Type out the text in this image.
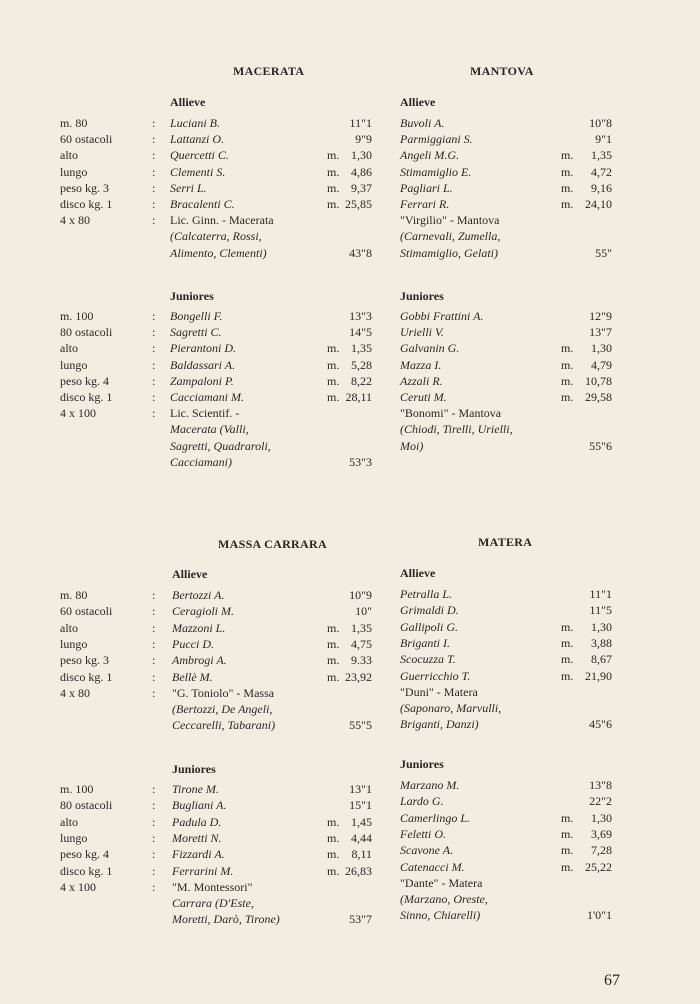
MACERATA
Allieve
m. 80	: Luciani B.	11"1
60 ostacoli	: Lattanzi O.	9"9
alto	: Quercetti C.	m. 1,30
lungo	: Clementi S.	m. 4,86
peso kg. 3	: Serri L.	m. 9,37
disco kg. 1	: Bracalenti C.	m. 25,85
4 x 80	: Lic. Ginn. - Macerata
(Calcaterra, Rossi,
Alimento, Clementi)	43"8
Juniores
m. 100	: Bongelli F.	13"3
80 ostacoli	: Sagretti C.	14"5
alto	: Pierantoni D.	m. 1,35
lungo	: Baldassari A.	m. 5,28
peso kg. 4	: Zampaloni P.	m. 8,22
disco kg. 1	: Cacciamani M.	m. 28,11
4 x 100	: Lic. Scientif. -
Macerata (Valli,
Sagretti, Quadraroli,
Cacciamani)	53"3
MANTOVA
Allieve
Buvoli A.	10"8
Parmiggiani S.	9"1
Angeli M.G.	m.	1,35
Stimamiglio E.	m.	4,72
Pagliari L.	m.	9,16
Ferrari R.	m. 24,10
"Virgilio" - Mantova
(Carnevali, Zumella,
Stimamiglio, Gelati)	55"
Juniores
Gobbi Frattini A.	12"9
Urielli V.	13"7
Galvanin G.	m.	1,30
Mazza I.	m.	4,79
Azzali R.	m. 10,78
Ceruti M.	m. 29,58
"Bonomi" - Mantova
(Chiodi, Tirelli, Urielli,
Moi)	55"6
MASSA CARRARA
Allieve
m. 80	: Bertozzi A.	10"9
60 ostacoli	: Ceragioli M.	10"
alto	: Mazzoni L.	m. 1,35
lungo	: Pucci D.	m. 4,75
peso kg. 3	: Ambrogi A.	m. 9.33
disco kg. 1	: Bellè M.	m. 23,92
4 x 80	: "G. Toniolo" - Massa
(Bertozzi, De Angeli,
Ceccarelli, Tabarani)	55"5
Juniores
m. 100	: Tirone M.	13"1
80 ostacoli	: Bugliani A.	15"1
alto	: Padula D.	m. 1,45
lungo	: Moretti N.	m. 4,44
peso kg. 4	: Fizzardi A.	m.	8,11
disco kg. 1	: Ferrarini M.	m. 26,83
4 x 100	: "M. Montessori"
Carrara (D'Este,
Moretti, Darò, Tirone)	53"7
MATERA
Allieve
Petralla L.	11"1
Grimaldi D.	11"5
Gallipoli G.	m.	1,30
Briganti I.	m.	3,88
Scocuzza T.	m.	8,67
Guerricchio T.	m. 21,90
"Duni" - Matera
(Saponaro, Marvulli,
Briganti, Danzi)	45"6
Juniores
Marzano M.	13"8
Lardo G.	22"2
Camerlingo L.	m.	1,30
Feletti O.	m.	3,69
Scavone A.	m.	7,28
Catenacci M.	m. 25,22
"Dante" - Matera
(Marzano, Oreste,
Sinno, Chiarelli)	1'0"1
67
